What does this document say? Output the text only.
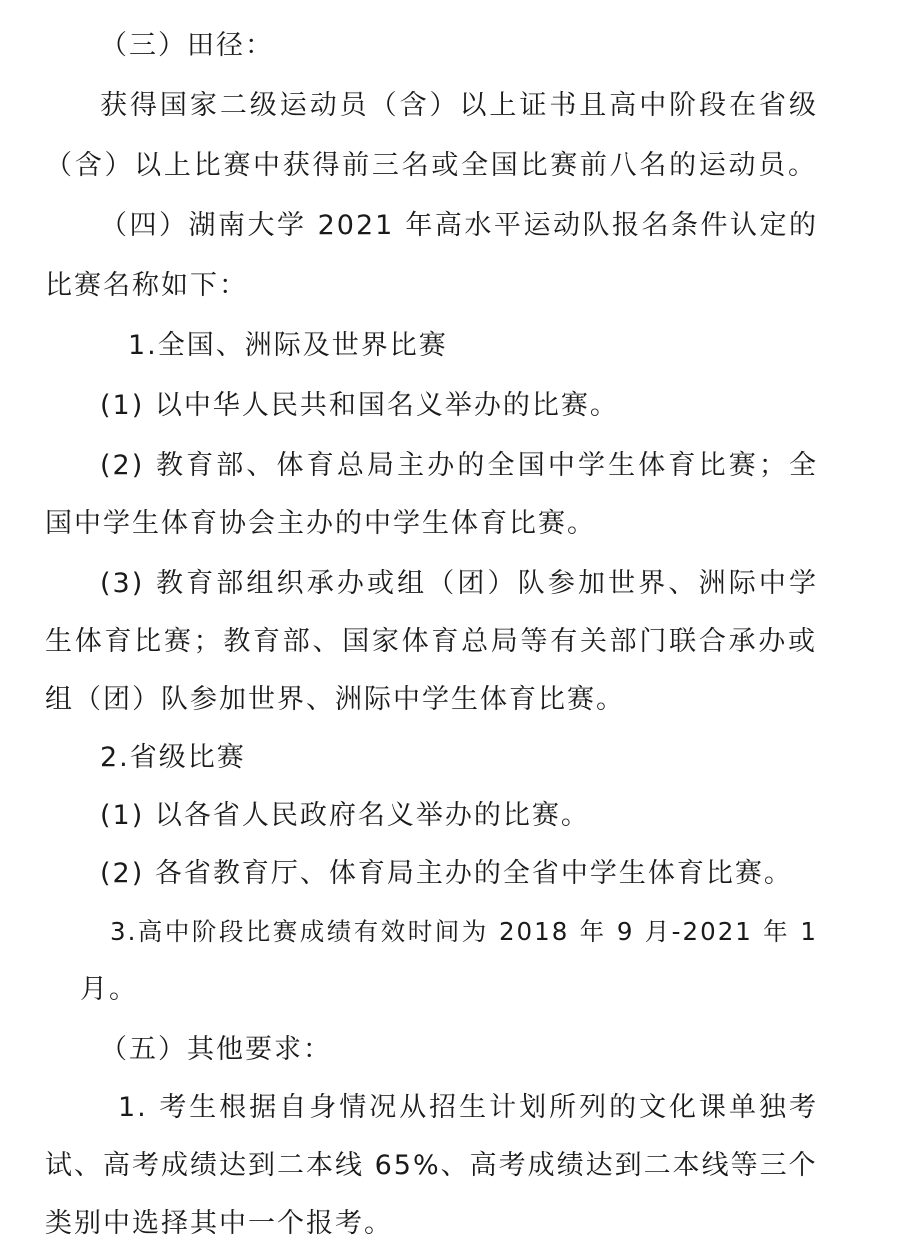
（三）田径：
获得国家二级运动员（含）以上证书且高中阶段在省级
（含）以上比赛中获得前三名或全国比赛前八名的运动员。
（四）湖南大学 2021 年高水平运动队报名条件认定的
比赛名称如下：
1.全国、洲际及世界比赛
(1) 以中华人民共和国名义举办的比赛。
(2) 教育部、体育总局主办的全国中学生体育比赛；全
国中学生体育协会主办的中学生体育比赛。
(3) 教育部组织承办或组（团）队参加世界、洲际中学
生体育比赛；教育部、国家体育总局等有关部门联合承办或
组（团）队参加世界、洲际中学生体育比赛。
2.省级比赛
(1) 以各省人民政府名义举办的比赛。
(2) 各省教育厅、体育局主办的全省中学生体育比赛。
3.高中阶段比赛成绩有效时间为 2018 年 9 月-2021 年 1
月。
（五）其他要求：
1. 考生根据自身情况从招生计划所列的文化课单独考
试、高考成绩达到二本线 65%、高考成绩达到二本线等三个
类别中选择其中一个报考。
